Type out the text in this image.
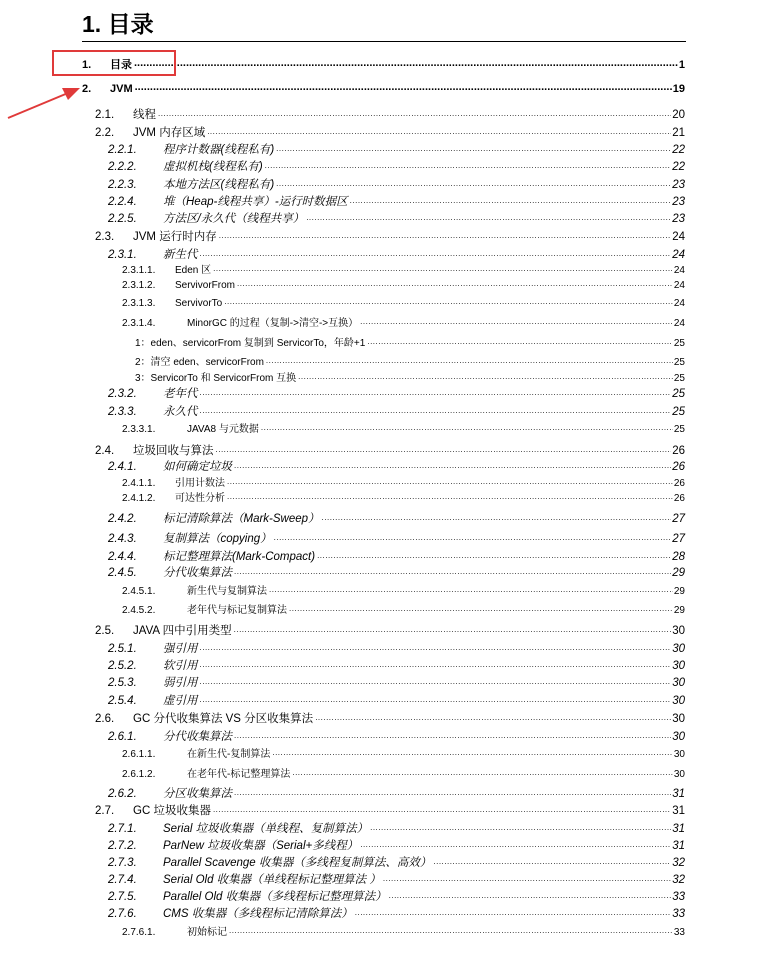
1. 目录
1.	目录 .....	1
2.	JVM .....	19
2.1.	线程 .....	20
2.2.	JVM 内存区域 .....	21
2.2.1.	程序计数器(线程私有) .....	22
2.2.2.	虚拟机栈(线程私有) .....	22
2.2.3.	本地方法区(线程私有) .....	23
2.2.4.	堆（Heap-线程共享）-运行时数据区 .....	23
2.2.5.	方法区/永久代（线程共享） .....	23
2.3.	JVM 运行时内存 .....	24
2.3.1.	新生代 .....	24
2.3.1.1.	Eden 区 .....	24
2.3.1.2.	ServivorFrom .....	24
2.3.1.3.	ServivorTo .....	24
2.3.1.4.	MinorGC 的过程（复制->清空->互换） .....	24
1：eden、servicorFrom 复制到 ServicorTo，年龄+1 .....	25
2：清空 eden、servicorFrom .....	25
3：ServicorTo 和 ServicorFrom 互换 .....	25
2.3.2.	老年代 .....	25
2.3.3.	永久代 .....	25
2.3.3.1.	JAVA8 与元数据 .....	25
2.4.	垃圾回收与算法 .....	26
2.4.1.	如何确定垃圾 .....	26
2.4.1.1.	引用计数法 .....	26
2.4.1.2.	可达性分析 .....	26
2.4.2.	标记清除算法（Mark-Sweep） .....	27
2.4.3.	复制算法（copying） .....	27
2.4.4.	标记整理算法(Mark-Compact) .....	28
2.4.5.	分代收集算法 .....	29
2.4.5.1.	新生代与复制算法 .....	29
2.4.5.2.	老年代与标记复制算法 .....	29
2.5.	JAVA 四中引用类型 .....	30
2.5.1.	强引用 .....	30
2.5.2.	软引用 .....	30
2.5.3.	弱引用 .....	30
2.5.4.	虚引用 .....	30
2.6.	GC 分代收集算法 VS 分区收集算法 .....	30
2.6.1.	分代收集算法 .....	30
2.6.1.1.	在新生代-复制算法 .....	30
2.6.1.2.	在老年代-标记整理算法 .....	30
2.6.2.	分区收集算法 .....	31
2.7.	GC 垃圾收集器 .....	31
2.7.1.	Serial 垃圾收集器（单线程、复制算法） .....	31
2.7.2.	ParNew 垃圾收集器（Serial+多线程） .....	31
2.7.3.	Parallel Scavenge 收集器（多线程复制算法、高效） .....	32
2.7.4.	Serial Old 收集器（单线程标记整理算法 ） .....	32
2.7.5.	Parallel Old 收集器（多线程标记整理算法） .....	33
2.7.6.	CMS 收集器（多线程标记清除算法） .....	33
2.7.6.1.	初始标记 .....	33
